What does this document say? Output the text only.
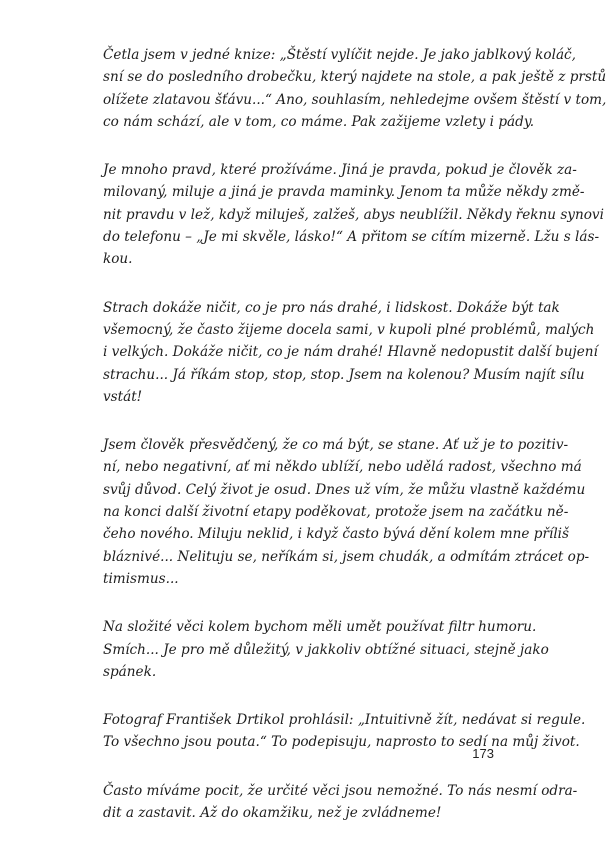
Četla jsem v jedné knize: „Štěstí vylíčit nejde. Je jako jablkový koláč,
sní se do posledního drobečku, který najdete na stole, a pak ještě z prstů
olížete zlatavou šťávu...“ Ano, souhlasím, nehledejme ovšem štěstí v tom,
co nám schází, ale v tom, co máme. Pak zažijeme vzlety i pády.

Je mnoho pravd, které prožíváme. Jiná je pravda, pokud je člověk za-
milovaný, miluje a jiná je pravda maminky. Jenom ta může někdy změ-
nit pravdu v lež, když miluješ, zalžeš, abys neublížil. Někdy řeknu synovi
do telefonu – „Je mi skvěle, lásko!“ A přitom se cítím mizerně. Lžu s lás-
kou.

Strach dokáže ničit, co je pro nás drahé, i lidskost. Dokáže být tak
všemocný, že často žijeme docela sami, v kupoli plné problémů, malých
i velkých. Dokáže ničit, co je nám drahé! Hlavně nedopustit další bujení
strachu... Já říkám stop, stop, stop. Jsem na kolenou? Musím najít sílu
vstát!

Jsem člověk přesvědčený, že co má být, se stane. Ať už je to pozitiv-
ní, nebo negativní, ať mi někdo ublíží, nebo udělá radost, všechno má
svůj důvod. Celý život je osud. Dnes už vím, že můžu vlastně každému
na konci další životní etapy poděkovat, protože jsem na začátku ně-
čeho nového. Miluju neklid, i když často bývá dění kolem mne příliš
bláznivé... Nelituju se, neříkám si, jsem chudák, a odmítám ztrácet op-
timismus...

Na složité věci kolem bychom měli umět používat filtr humoru.
Smích... Je pro mě důležitý, v jakkoliv obtížné situaci, stejně jako
spánek.

Fotograf František Drtikol prohlásil: „Intuitivně žít, nedávat si regule.
To všechno jsou pouta.“ To podepisuju, naprosto to sedí na můj život.

Často míváme pocit, že určité věci jsou nemožné. To nás nesmí odra-
dit a zastavit. Až do okamžiku, než je zvládneme!

173
